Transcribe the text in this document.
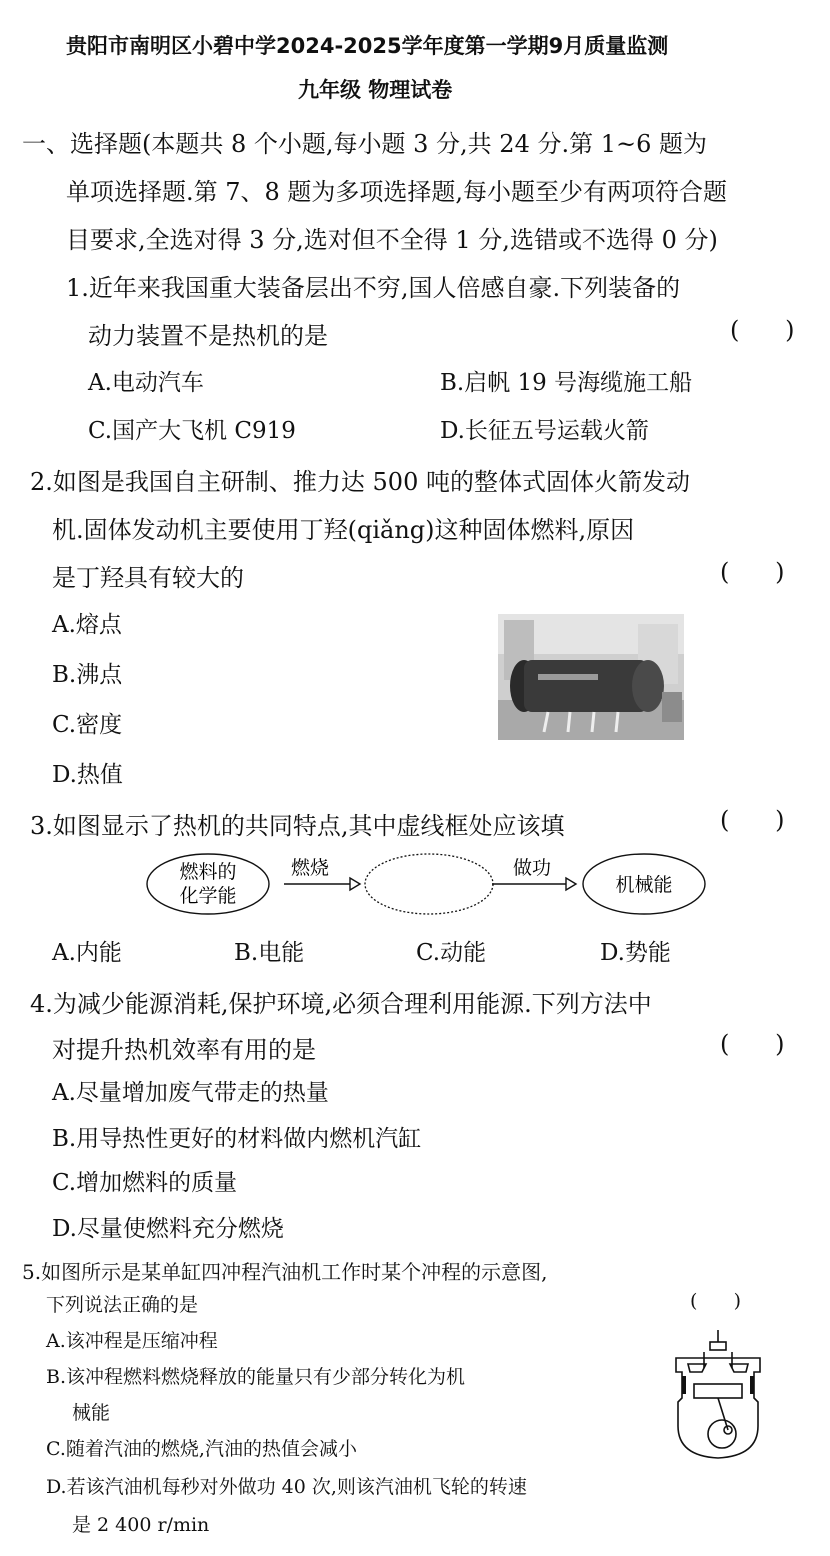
贵阳市南明区小碧中学2024-2025学年度第一学期9月质量监测
九年级 物理试卷
一、选择题(本题共 8 个小题,每小题 3 分,共 24 分.第 1~6 题为
单项选择题.第 7、8 题为多项选择题,每小题至少有两项符合题
目要求,全选对得 3 分,选对但不全得 1 分,选错或不选得 0 分)
1.近年来我国重大装备层出不穷,国人倍感自豪.下列装备的
动力装置不是热机的是	(      )
A.电动汽车	B.启帆 19 号海缆施工船
C.国产大飞机 C919	D.长征五号运载火箭
2.如图是我国自主研制、推力达 500 吨的整体式固体火箭发动
机.固体发动机主要使用丁羟(qiǎng)这种固体燃料,原因
是丁羟具有较大的	(      )
A.熔点
B.沸点
C.密度
D.热值
3.如图显示了热机的共同特点,其中虚线框处应该填	(      )
燃料的
化学能
燃烧	做功
机械能
A.内能	B.电能	C.动能	D.势能
4.为减少能源消耗,保护环境,必须合理利用能源.下列方法中
对提升热机效率有用的是	(      )
A.尽量增加废气带走的热量
B.用导热性更好的材料做内燃机汽缸
C.增加燃料的质量
D.尽量使燃料充分燃烧
5.如图所示是某单缸四冲程汽油机工作时某个冲程的示意图,
下列说法正确的是	(      )
A.该冲程是压缩冲程
B.该冲程燃料燃烧释放的能量只有少部分转化为机
械能
C.随着汽油的燃烧,汽油的热值会减小
D.若该汽油机每秒对外做功 40 次,则该汽油机飞轮的转速
是 2 400 r/min
